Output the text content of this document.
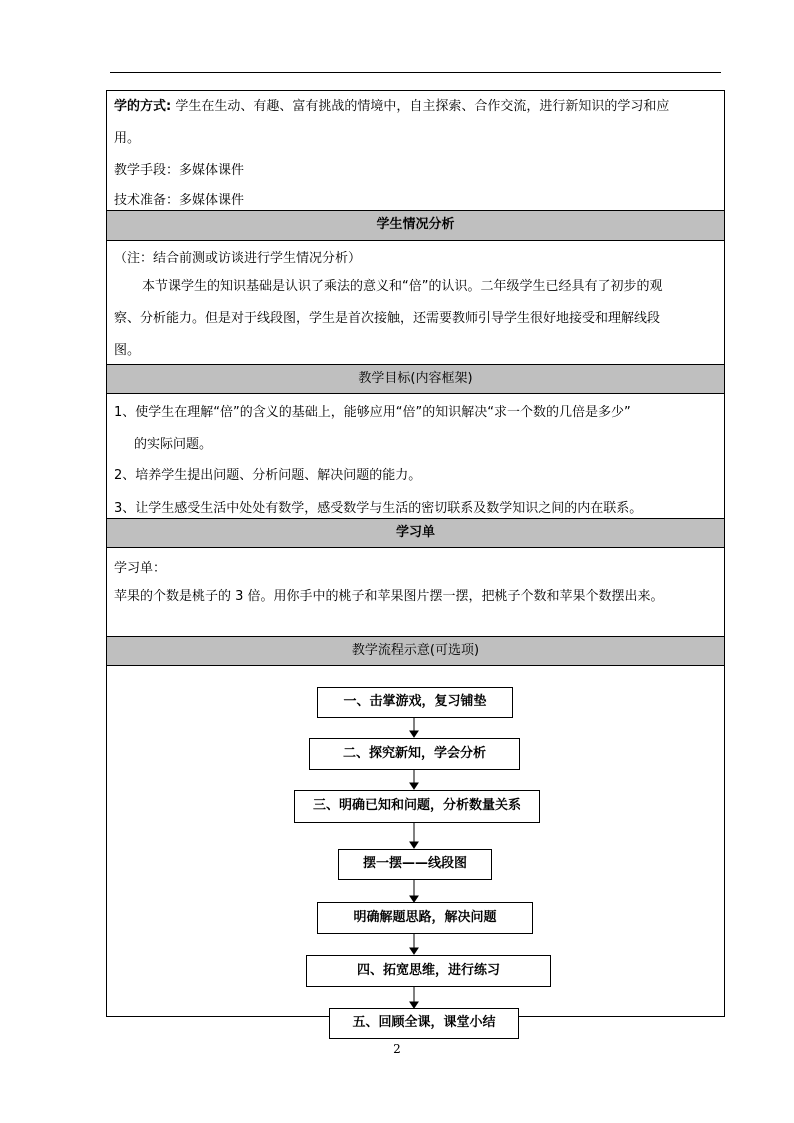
学的方式: 学生在生动、有趣、富有挑战的情境中，自主探索、合作交流，进行新知识的学习和应
用。
教学手段：多媒体课件
技术准备：多媒体课件
学生情况分析
（注：结合前测或访谈进行学生情况分析）
本节课学生的知识基础是认识了乘法的意义和“倍”的认识。二年级学生已经具有了初步的观
察、分析能力。但是对于线段图，学生是首次接触，还需要教师引导学生很好地接受和理解线段
图。
教学目标(内容框架)
1、使学生在理解“倍”的含义的基础上，能够应用“倍”的知识解决“求一个数的几倍是多少”
的实际问题。
2、培养学生提出问题、分析问题、解决问题的能力。
3、让学生感受生活中处处有数学，感受数学与生活的密切联系及数学知识之间的内在联系。
学习单
学习单：
苹果的个数是桃子的 3 倍。用你手中的桃子和苹果图片摆一摆，把桃子个数和苹果个数摆出来。
教学流程示意(可选项)
一、击掌游戏，复习铺垫
二、探究新知，学会分析
三、明确已知和问题，分析数量关系
摆一摆——线段图
明确解题思路，解决问题
四、拓宽思维，进行练习
五、回顾全课，课堂小结
2
